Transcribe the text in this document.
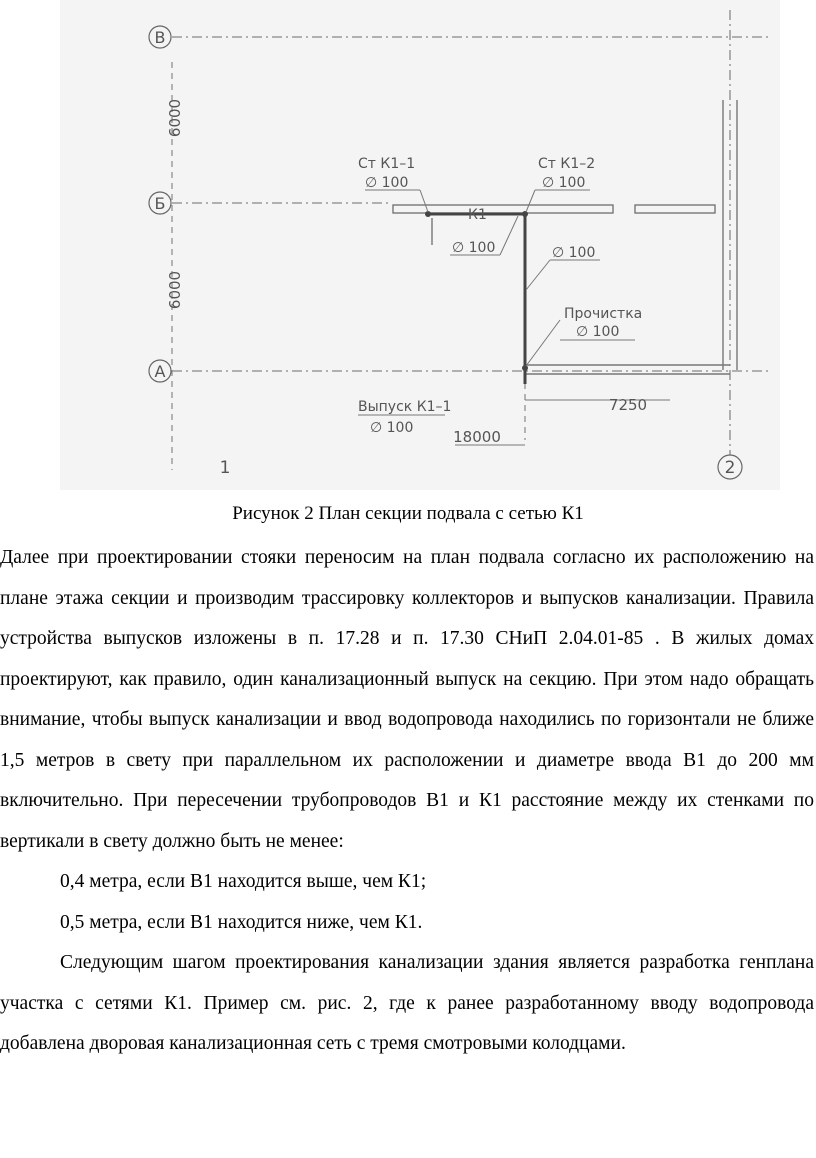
В
Б
А
1	2
6000
6000
7250
18000
Ст К1–1
∅ 100
Ст К1–2
∅ 100
К1
∅ 100	∅ 100
Прочистка
∅ 100
Выпуск К1–1
∅ 100
Рисунок 2 План секции подвала с сетью К1

Далее при проектировании стояки переносим на план подвала согласно их расположению на плане этажа секции и производим трассировку коллекторов и выпусков канализации. Правила устройства выпусков изложены в п. 17.28 и п. 17.30 СНиП 2.04.01-85 . В жилых домах проектируют, как правило, один канализационный выпуск на секцию. При этом надо обращать внимание, чтобы выпуск канализации и ввод водопровода находились по горизонтали не ближе 1,5 метров в свету при параллельном их расположении и диаметре ввода В1 до 200 мм включительно. При пересечении трубопроводов В1 и К1 расстояние между их стенками по вертикали в свету должно быть не менее:

0,4 метра, если В1 находится выше, чем К1;

0,5 метра, если В1 находится ниже, чем К1.

Следующим шагом проектирования канализации здания является разработка генплана участка с сетями К1. Пример см. рис. 2, где к ранее разработанному вводу водопровода добавлена дворовая канализационная сеть с тремя смотровыми колодцами.
